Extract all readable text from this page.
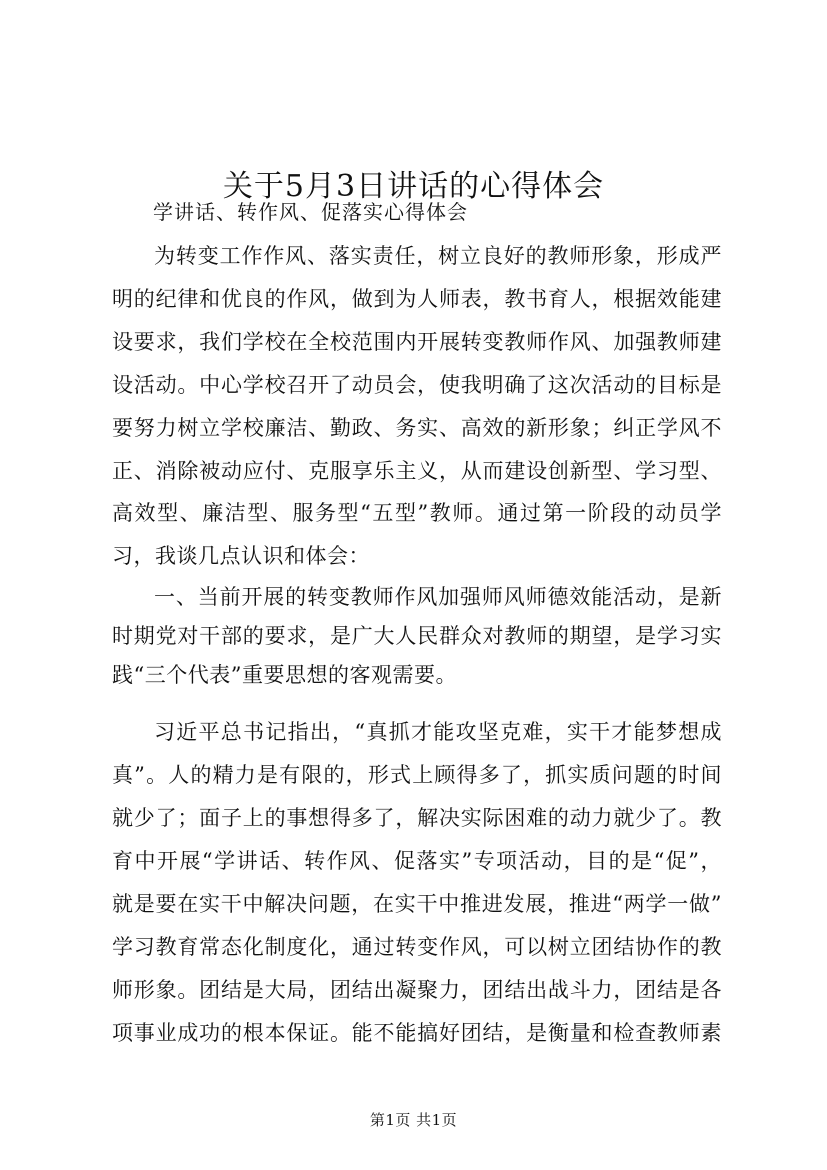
关于5月3日讲话的心得体会
学讲话、转作风、促落实心得体会
为转变工作作风、落实责任，树立良好的教师形象，形成严
明的纪律和优良的作风，做到为人师表，教书育人，根据效能建
设要求，我们学校在全校范围内开展转变教师作风、加强教师建
设活动。中心学校召开了动员会，使我明确了这次活动的目标是
要努力树立学校廉洁、勤政、务实、高效的新形象；纠正学风不
正、消除被动应付、克服享乐主义，从而建设创新型、学习型、
高效型、廉洁型、服务型“五型”教师。通过第一阶段的动员学
习，我谈几点认识和体会：
一、当前开展的转变教师作风加强师风师德效能活动，是新
时期党对干部的要求，是广大人民群众对教师的期望，是学习实
践“三个代表”重要思想的客观需要。
习近平总书记指出，“真抓才能攻坚克难，实干才能梦想成
真”。人的精力是有限的，形式上顾得多了，抓实质问题的时间
就少了；面子上的事想得多了，解决实际困难的动力就少了。教
育中开展“学讲话、转作风、促落实”专项活动，目的是“促”，
就是要在实干中解决问题，在实干中推进发展，推进“两学一做”
学习教育常态化制度化，通过转变作风，可以树立团结协作的教
师形象。团结是大局，团结出凝聚力，团结出战斗力，团结是各
项事业成功的根本保证。能不能搞好团结，是衡量和检查教师素
第1页 共1页
